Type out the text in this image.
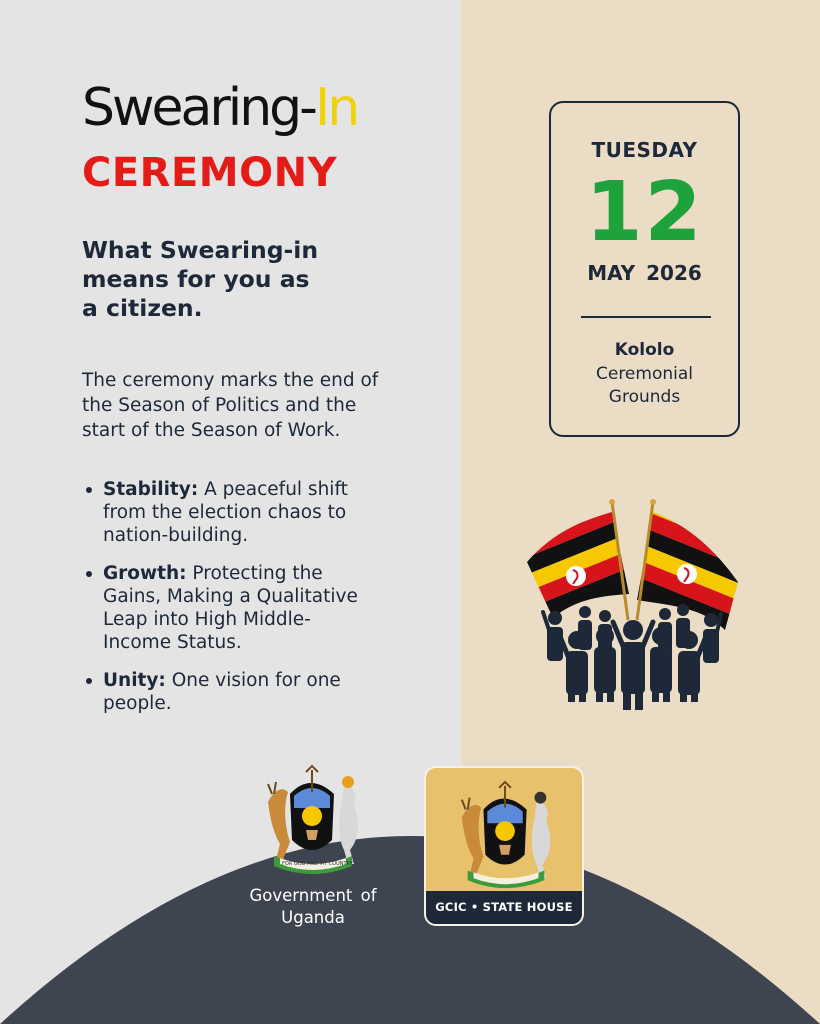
Swearing-In
CEREMONY
What Swearing-in
means for you as
a citizen.
The ceremony marks the end of
the Season of Politics and the
start of the Season of Work.
Stability: A peaceful shift
from the election chaos to
nation-building.
Growth: Protecting the
Gains, Making a Qualitative
Leap into High Middle-
Income Status.
Unity: One vision for one
people.
TUESDAY
12
MAY 2026
Kololo
Ceremonial
Grounds
FOR GOD AND MY COUNTRY
Government of
Uganda
GCIC • STATE HOUSE
